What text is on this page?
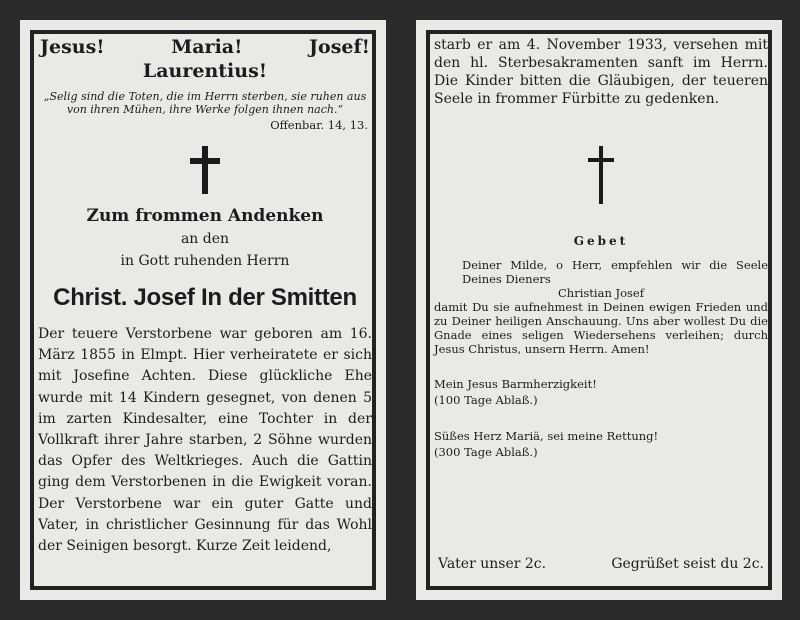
Jesus!	Maria!	Josef!
Laurentius!
„Selig sind die Toten, die im Herrn sterben, sie ruhen aus von ihren Mühen, ihre Werke folgen ihnen nach.“
Offenbar. 14, 13.
Zum frommen Andenken
an den
in Gott ruhenden Herrn
Christ. Josef In der Smitten
Der teuere Verstorbene war geboren am 16. März 1855 in Elmpt. Hier verheiratete er sich mit Josefine Achten. Diese glückliche Ehe wurde mit 14 Kindern gesegnet, von denen 5 im zarten Kindesalter, eine Tochter in der Vollkraft ihrer Jahre starben, 2 Söhne wurden das Opfer des Weltkrieges. Auch die Gattin ging dem Verstorbenen in die Ewigkeit voran. Der Verstorbene war ein guter Gatte und Vater, in christlicher Gesinnung für das Wohl der Seinigen besorgt. Kurze Zeit leidend,
starb er am 4. November 1933, versehen mit den hl. Sterbesakramenten sanft im Herrn. Die Kinder bitten die Gläubigen, der teueren Seele in frommer Fürbitte zu gedenken.
Gebet
Deiner Milde, o Herr, empfehlen wir die Seele Deines Dieners
Christian Josef
damit Du sie aufnehmest in Deinen ewigen Frieden und zu Deiner heiligen Anschauung. Uns aber wollest Du die Gnade eines seligen Wiedersehens verleihen; durch Jesus Christus, unsern Herrn. Amen!
Mein Jesus Barmherzigkeit!
(100 Tage Ablaß.)
Süßes Herz Mariä, sei meine Rettung!
(300 Tage Ablaß.)
Vater unser 2c.	Gegrüßet seist du 2c.
